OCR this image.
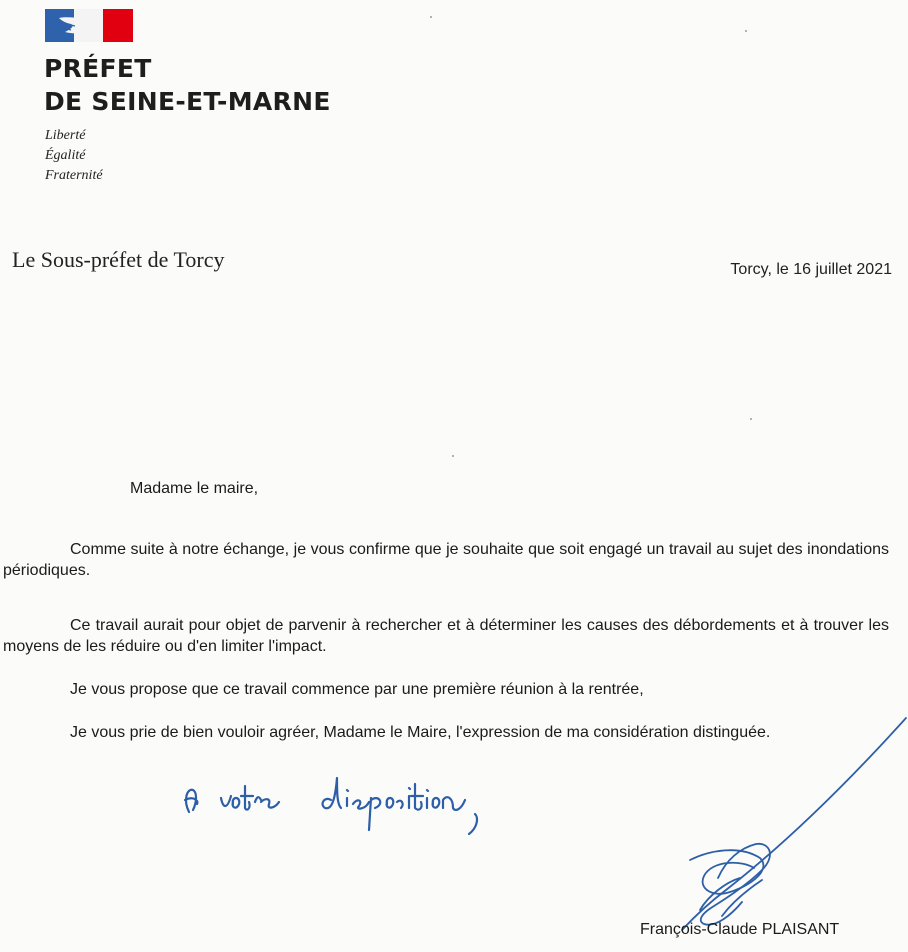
PRÉFET
DE SEINE-ET-MARNE
Liberté
Égalité
Fraternité
Le Sous-préfet de Torcy	Torcy, le 16 juillet 2021
Madame le maire,

Comme suite à notre échange, je vous confirme que je souhaite que soit engagé un travail au sujet des inondations périodiques.

Ce travail aurait pour objet de parvenir à rechercher et à déterminer les causes des débordements et à trouver les moyens de les réduire ou d'en limiter l'impact.

Je vous propose que ce travail commence par une première réunion à la rentrée,

Je vous prie de bien vouloir agréer, Madame le Maire, l'expression de ma considération distinguée.

François-Claude PLAISANT
